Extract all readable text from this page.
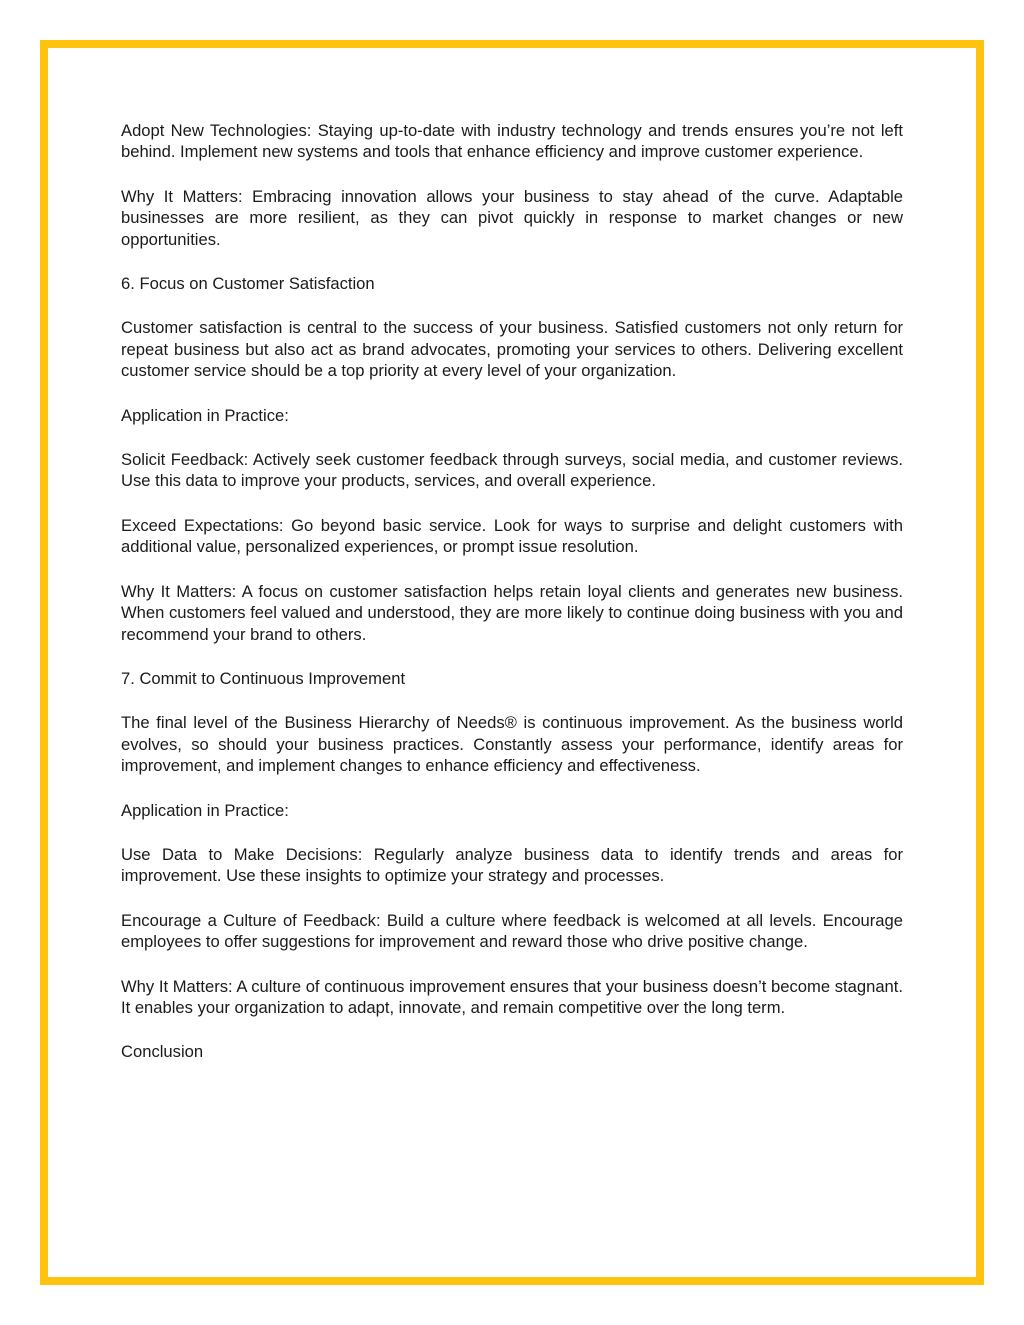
Adopt New Technologies: Staying up-to-date with industry technology and trends ensures you’re not left behind. Implement new systems and tools that enhance efficiency and improve customer experience.

Why It Matters: Embracing innovation allows your business to stay ahead of the curve. Adaptable businesses are more resilient, as they can pivot quickly in response to market changes or new opportunities.

6. Focus on Customer Satisfaction

Customer satisfaction is central to the success of your business. Satisfied customers not only return for repeat business but also act as brand advocates, promoting your services to others. Delivering excellent customer service should be a top priority at every level of your organization.

Application in Practice:

Solicit Feedback: Actively seek customer feedback through surveys, social media, and customer reviews. Use this data to improve your products, services, and overall experience.

Exceed Expectations: Go beyond basic service. Look for ways to surprise and delight customers with additional value, personalized experiences, or prompt issue resolution.

Why It Matters: A focus on customer satisfaction helps retain loyal clients and generates new business. When customers feel valued and understood, they are more likely to continue doing business with you and recommend your brand to others.

7. Commit to Continuous Improvement

The final level of the Business Hierarchy of Needs® is continuous improvement. As the business world evolves, so should your business practices. Constantly assess your performance, identify areas for improvement, and implement changes to enhance efficiency and effectiveness.

Application in Practice:

Use Data to Make Decisions: Regularly analyze business data to identify trends and areas for improvement. Use these insights to optimize your strategy and processes.

Encourage a Culture of Feedback: Build a culture where feedback is welcomed at all levels. Encourage employees to offer suggestions for improvement and reward those who drive positive change.

Why It Matters: A culture of continuous improvement ensures that your business doesn’t become stagnant. It enables your organization to adapt, innovate, and remain competitive over the long term.

Conclusion
